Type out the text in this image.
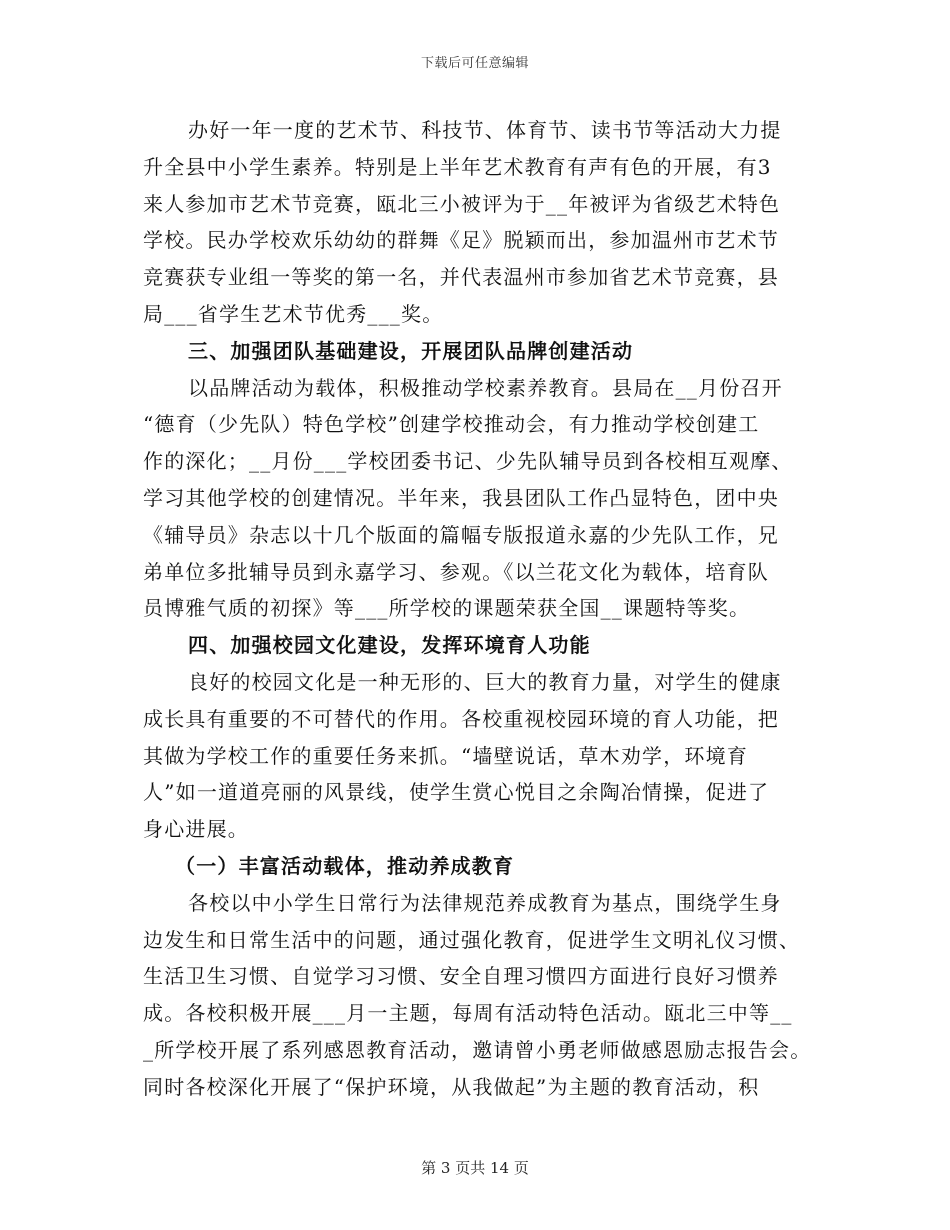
下载后可任意编辑
办好一年一度的艺术节、科技节、体育节、读书节等活动大力提
升全县中小学生素养。特别是上半年艺术教育有声有色的开展，有3
来人参加市艺术节竞赛，瓯北三小被评为于__年被评为省级艺术特色
学校。民办学校欢乐幼幼的群舞《足》脱颖而出，参加温州市艺术节
竞赛获专业组一等奖的第一名，并代表温州市参加省艺术节竞赛，县
局___省学生艺术节优秀___奖。
三、加强团队基础建设，开展团队品牌创建活动
以品牌活动为载体，积极推动学校素养教育。县局在__月份召开
“德育（少先队）特色学校”创建学校推动会，有力推动学校创建工
作的深化；__月份___学校团委书记、少先队辅导员到各校相互观摩、
学习其他学校的创建情况。半年来，我县团队工作凸显特色，团中央
《辅导员》杂志以十几个版面的篇幅专版报道永嘉的少先队工作，兄
弟单位多批辅导员到永嘉学习、参观。《以兰花文化为载体，培育队
员博雅气质的初探》等___所学校的课题荣获全国__课题特等奖。
四、加强校园文化建设，发挥环境育人功能
良好的校园文化是一种无形的、巨大的教育力量，对学生的健康
成长具有重要的不可替代的作用。各校重视校园环境的育人功能，把
其做为学校工作的重要任务来抓。“墙壁说话，草木劝学，环境育
人”如一道道亮丽的风景线，使学生赏心悦目之余陶冶情操，促进了
身心进展。
（一）丰富活动载体，推动养成教育
各校以中小学生日常行为法律规范养成教育为基点，围绕学生身
边发生和日常生活中的问题，通过强化教育，促进学生文明礼仪习惯、
生活卫生习惯、自觉学习习惯、安全自理习惯四方面进行良好习惯养
成。各校积极开展___月一主题，每周有活动特色活动。瓯北三中等__
_所学校开展了系列感恩教育活动，邀请曾小勇老师做感恩励志报告会。
同时各校深化开展了“保护环境，从我做起”为主题的教育活动，积
第 3 页共 14 页
